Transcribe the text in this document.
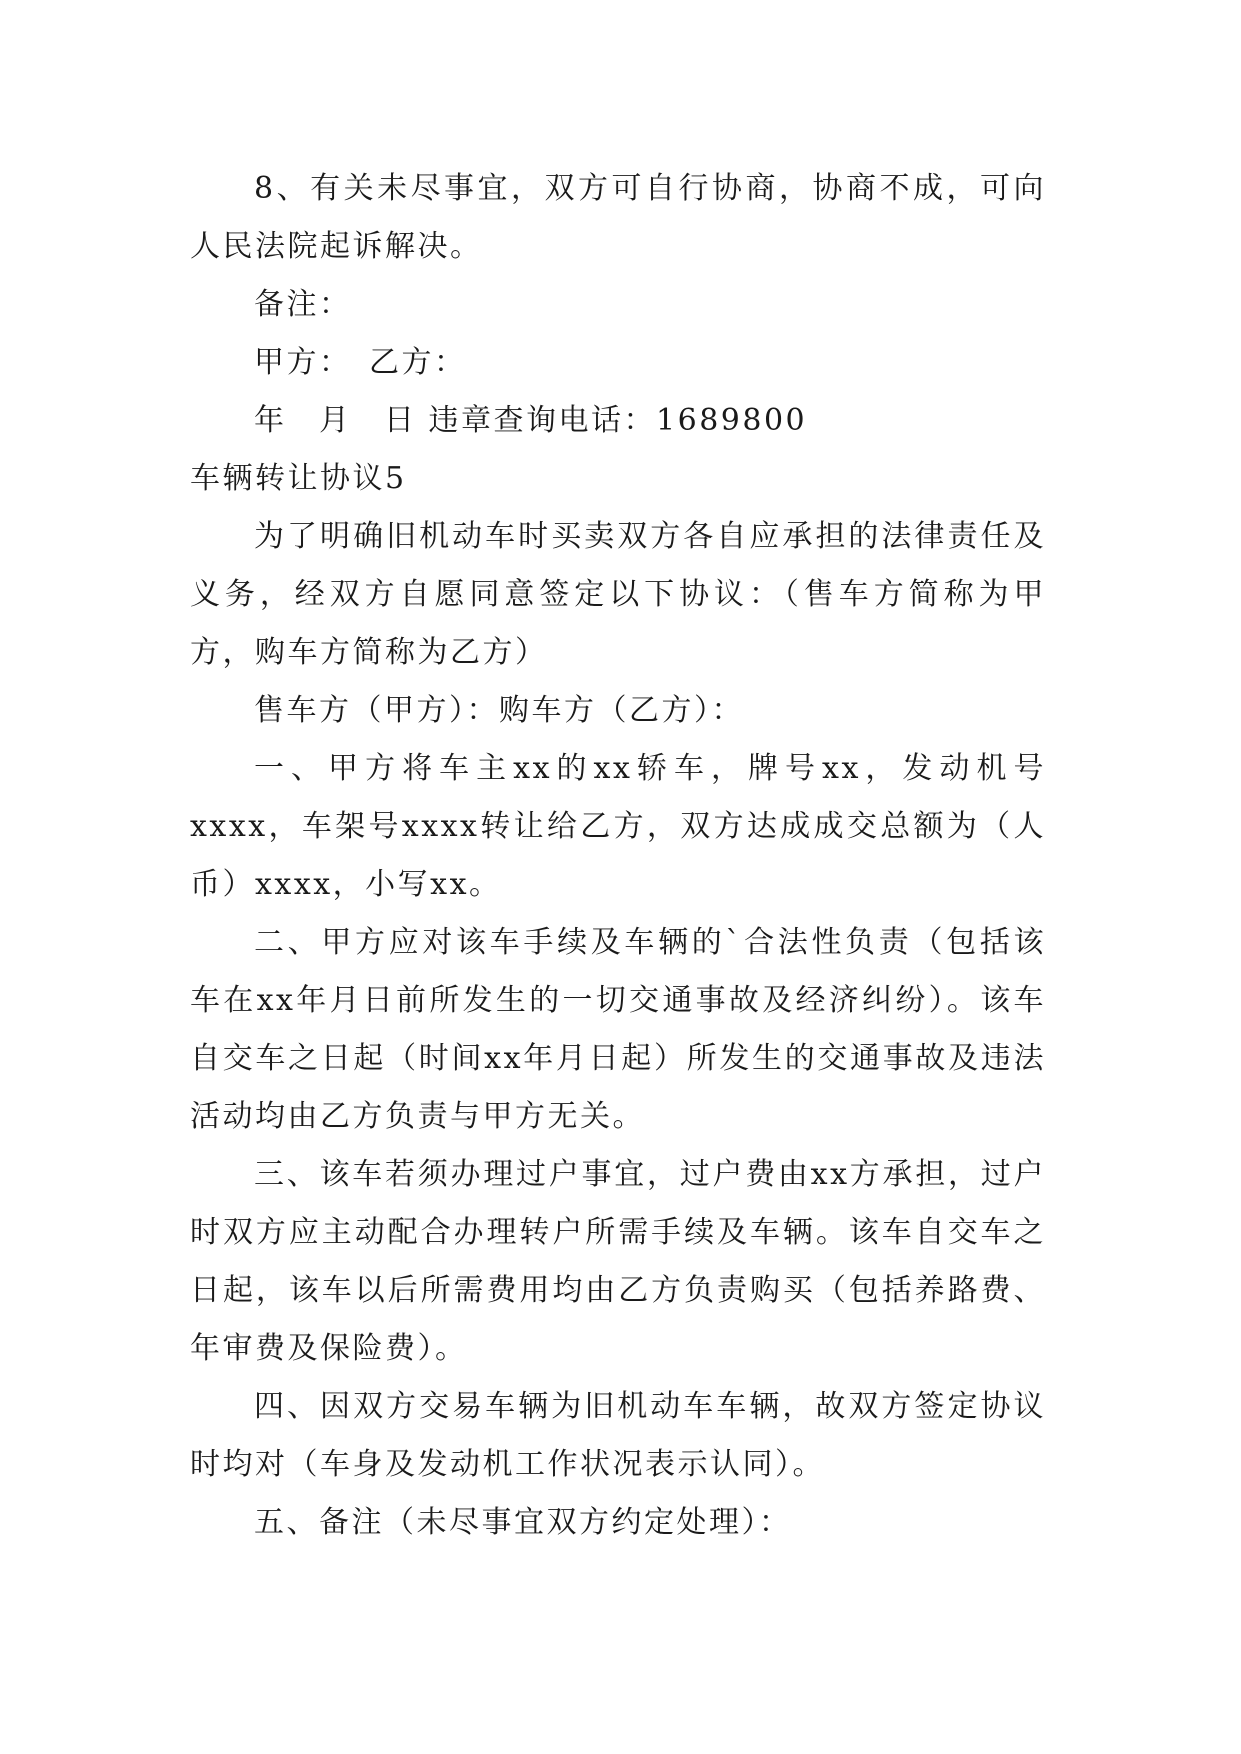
8、有关未尽事宜，双方可自行协商，协商不成，可向人民法院起诉解决。

备注：

甲方：　乙方：

年　月　日 违章查询电话：1689800

车辆转让协议5

为了明确旧机动车时买卖双方各自应承担的法律责任及义务，经双方自愿同意签定以下协议：（售车方简称为甲方，购车方简称为乙方）

售车方（甲方）：购车方（乙方）：

一、甲方将车主xx的xx轿车，牌号xx，发动机号xxxx，车架号xxxx转让给乙方，双方达成成交总额为（人币）xxxx，小写xx。

二、甲方应对该车手续及车辆的`合法性负责（包括该车在xx年月日前所发生的一切交通事故及经济纠纷）。该车自交车之日起（时间xx年月日起）所发生的交通事故及违法活动均由乙方负责与甲方无关。

三、该车若须办理过户事宜，过户费由xx方承担，过户时双方应主动配合办理转户所需手续及车辆。该车自交车之日起，该车以后所需费用均由乙方负责购买（包括养路费、年审费及保险费）。

四、因双方交易车辆为旧机动车车辆，故双方签定协议时均对（车身及发动机工作状况表示认同）。

五、备注（未尽事宜双方约定处理）：
